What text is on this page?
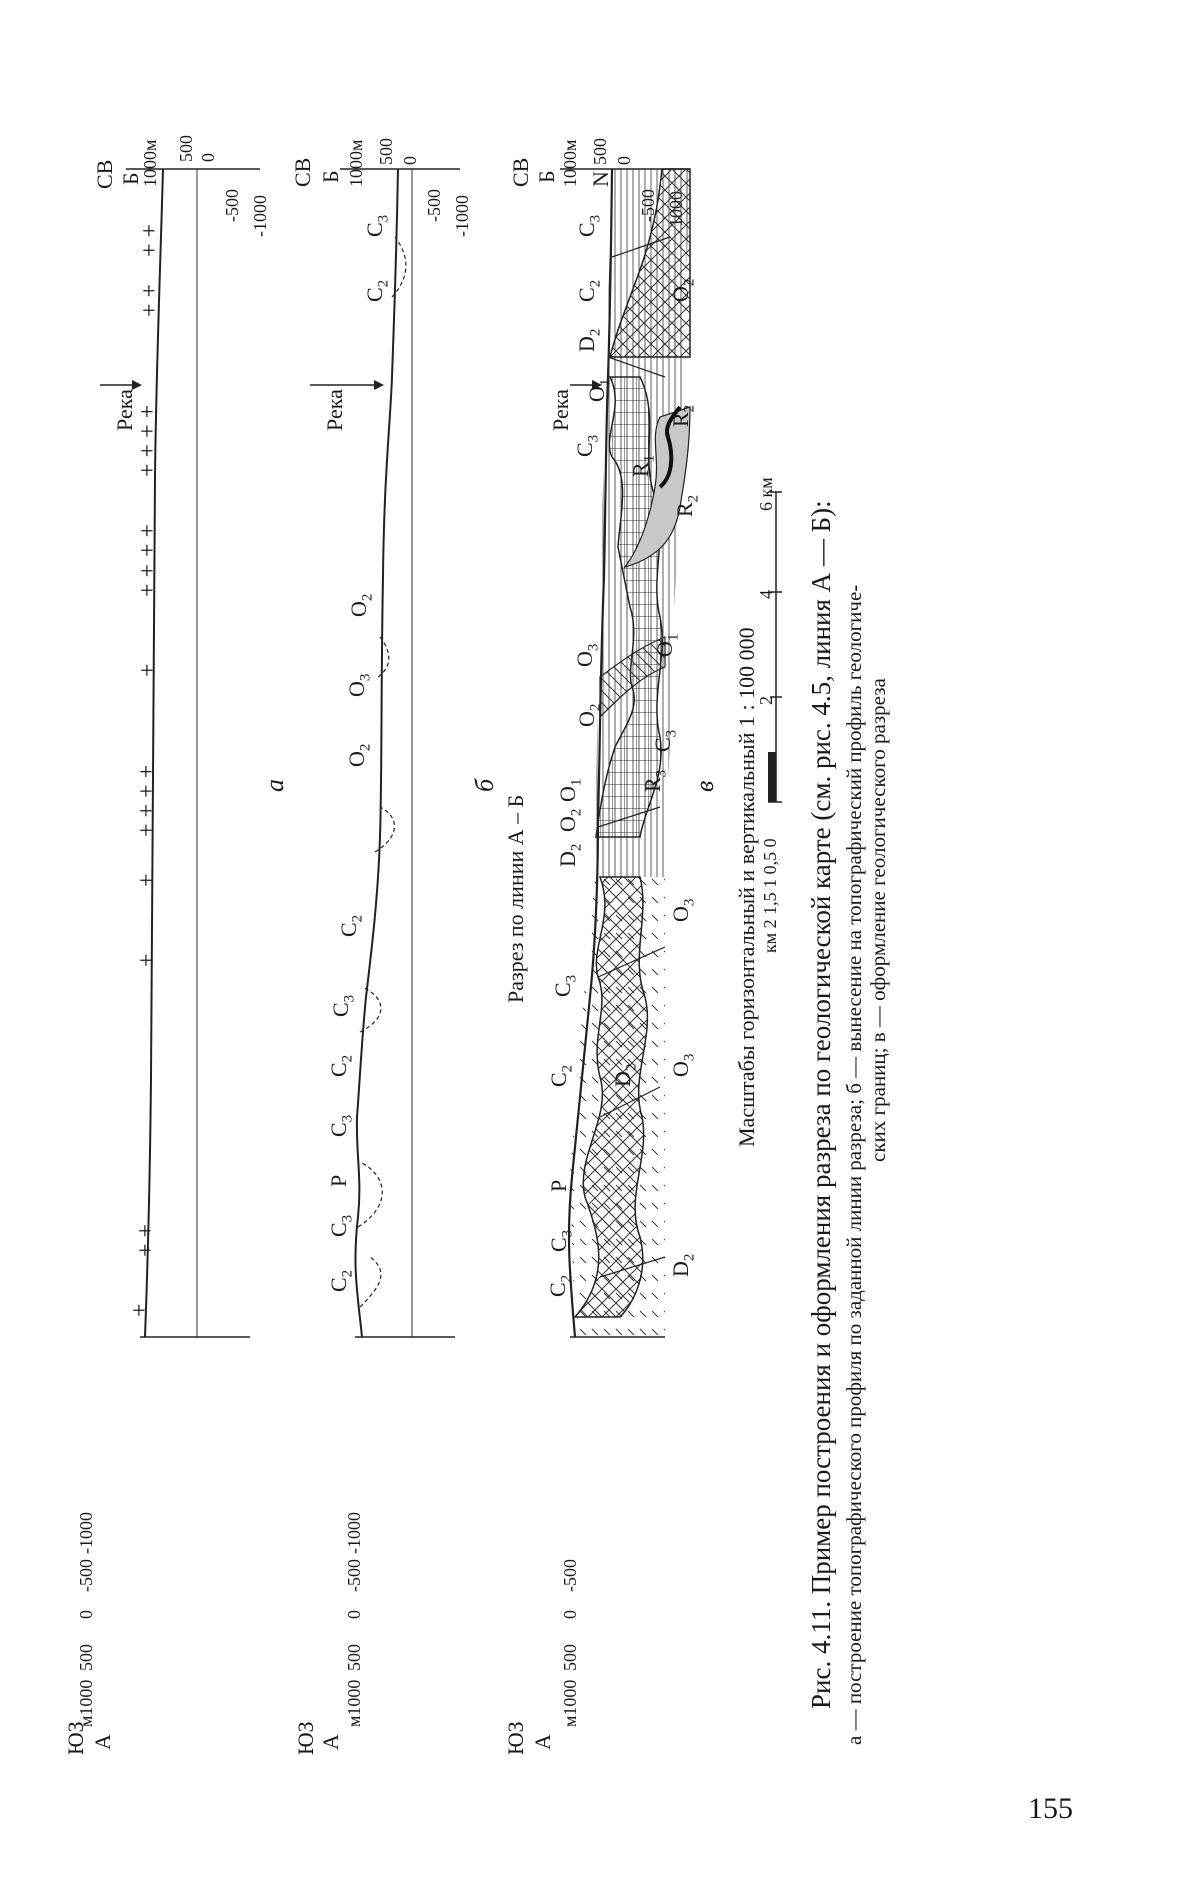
ЮЗ А
м1000
500
0
-500
-1000
СВ Б
1000м 500 0
-500 -1000
Река
+
+ +
+
+
+ + + +
+
+ +
+ +
+ + + +
+ +
+ +
а
ЮЗ А
м1000
500
0
-500
-1000
СВ Б 1000м 500 0
-500 -1000
Река
$C_2$
$C_3$
P
$C_3$
$C_2$
$C_3$
$C_2$
$O_2$
$O_3$
$O_2$
$C_2$
$C_3$
б
Разрез по линии А – Б
ЮЗ А
м1000
500
0
-500
СВ Б 1000м 500 0
Река
$C_2$
$C_3$
$D_2$
P
$C_2$
$D_2$ $O_3$
$C_3$
$O_3$
$D_2$
$O_2$
$O_1$	$R_3$
$C_3$
$O_2$
$O_3$ $O_1$
$R_2$
$R_1$
$C_3$
$R_2$
$O_1$
$D_2$
$C_2$
$O_2$
$C_3$
N
в Масштабы горизонтальный и вертикальный 1 : 100 000 км 2 1,5 1 0,5 0
2
4
6 км
Рис. 4.11. Пример построения и оформления разреза по геологической карте (см. рис. 4.5, линия А — Б): а — построение топографического профиля по заданной линии разреза; б — вынесение на топографический профиль геологиче- ских границ; в — оформление геологического разреза
155
